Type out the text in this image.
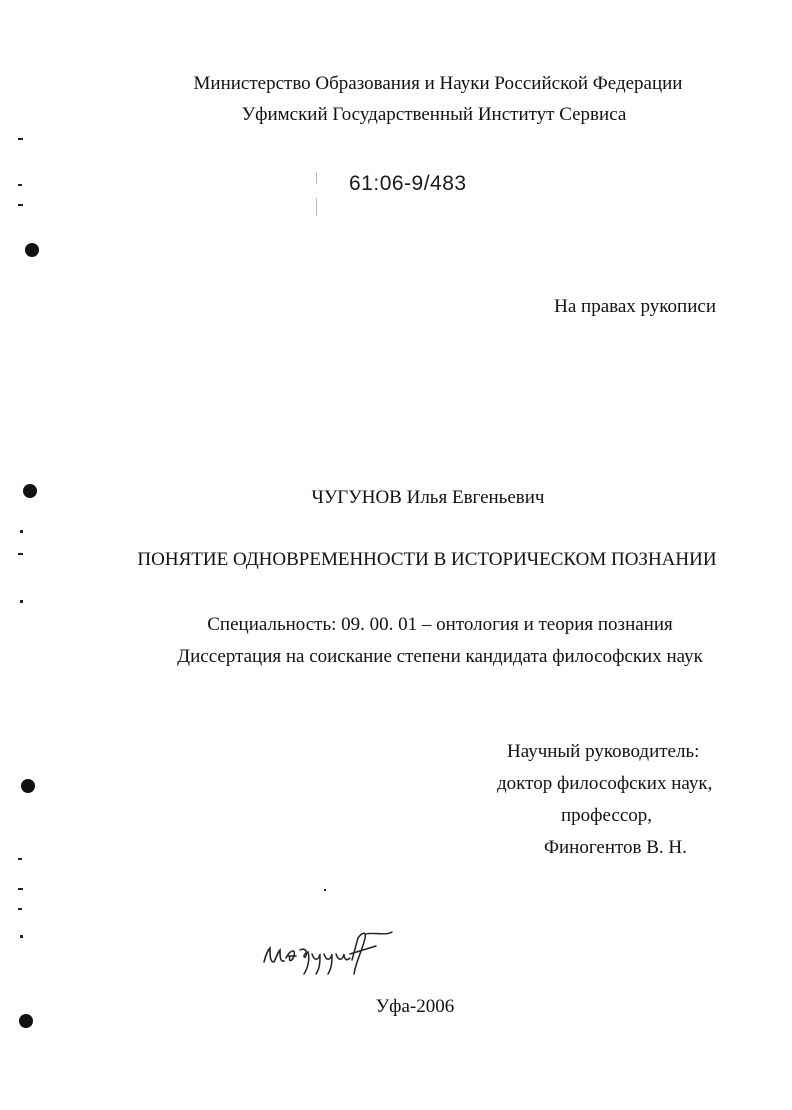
Министерство Образования и Науки Российской Федерации
Уфимский Государственный Институт Сервиса
61:06-9/483
На правах рукописи
ЧУГУНОВ Илья Евгеньевич
ПОНЯТИЕ ОДНОВРЕМЕННОСТИ В ИСТОРИЧЕСКОМ ПОЗНАНИИ
Специальность: 09. 00. 01 – онтология и теория познания
Диссертация на соискание степени кандидата философских наук
Научный руководитель:
доктор философских наук,
профессор,
Финогентов В. Н.
Уфа-2006
